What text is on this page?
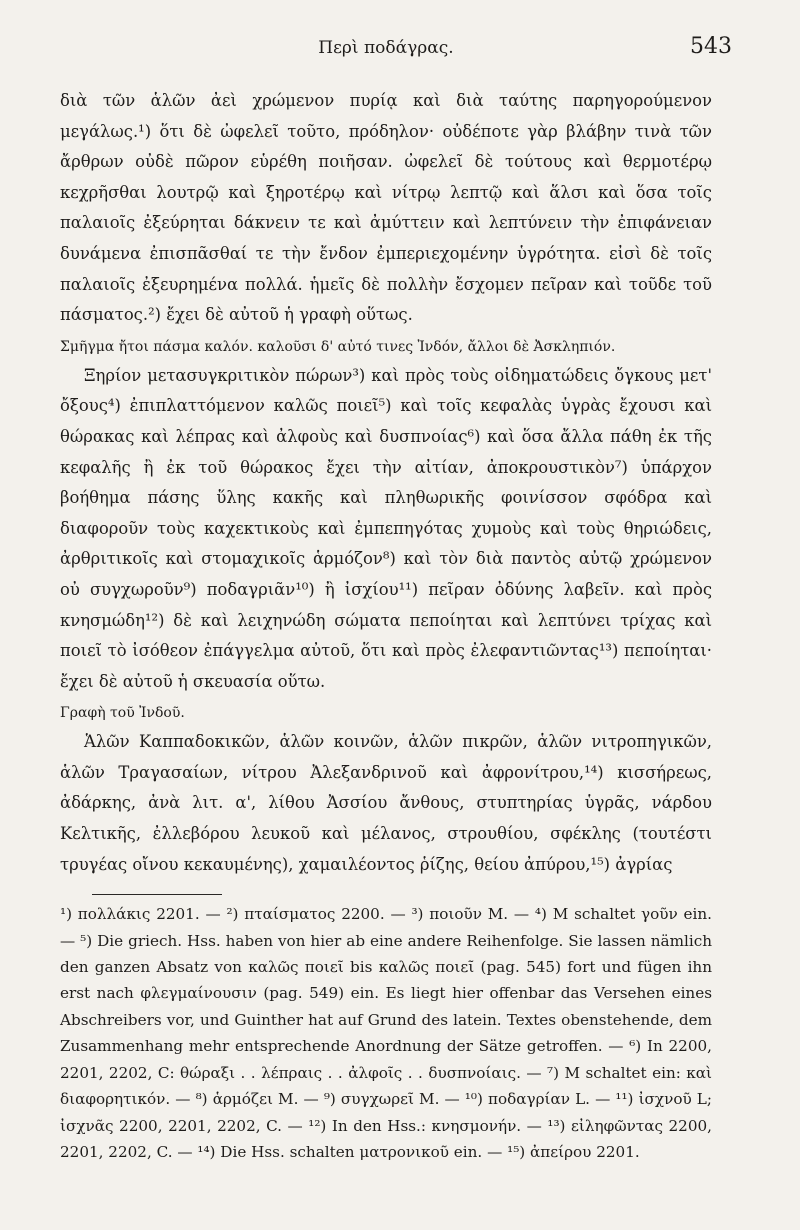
Περὶ ποδάγρας.	543

διὰ τῶν ἁλῶν ἀεὶ χρώμενον πυρίᾳ καὶ διὰ ταύτης παρηγορούμενον μεγάλως.¹) ὅτι δὲ ὠφελεῖ τοῦτο, πρόδηλον· οὐδέποτε γὰρ βλάβην τινὰ τῶν ἄρθρων οὐδὲ πῶρον εὑρέθη ποιῆσαν. ὠφελεῖ δὲ τούτους καὶ θερμοτέρῳ κεχρῆσθαι λουτρῷ καὶ ξηροτέρῳ καὶ νίτρῳ λεπτῷ καὶ ἅλσι καὶ ὅσα τοῖς παλαιοῖς ἐξεύρηται δάκνειν τε καὶ ἀμύττειν καὶ λεπτύνειν τὴν ἐπιφάνειαν δυνάμενα ἐπισπᾶσθαί τε τὴν ἔνδον ἐμπεριεχομένην ὑγρότητα. εἰσὶ δὲ τοῖς παλαιοῖς ἐξευρημένα πολλά. ἡμεῖς δὲ πολλὴν ἔσχομεν πεῖραν καὶ τοῦδε τοῦ πάσματος.²) ἔχει δὲ αὐτοῦ ἡ γραφὴ οὕτως.

Σμῆγμα ἤτοι πάσμα καλόν. καλοῦσι δ' αὐτό τινες Ἰνδόν, ἄλλοι δὲ Ἀσκληπιόν.

Ξηρίον μετασυγκριτικὸν πώρων³) καὶ πρὸς τοὺς οἰδηματώδεις ὄγκους μετ' ὄξους⁴) ἐπιπλαττόμενον καλῶς ποιεῖ⁵) καὶ τοῖς κεφαλὰς ὑγρὰς ἔχουσι καὶ θώρακας καὶ λέπρας καὶ ἀλφοὺς καὶ δυσπνοίας⁶) καὶ ὅσα ἄλλα πάθη ἐκ τῆς κεφαλῆς ἢ ἐκ τοῦ θώρακος ἔχει τὴν αἰτίαν, ἀποκρουστικὸν⁷) ὑπάρχον βοήθημα πάσης ὕλης κακῆς καὶ πληθωρικῆς φοινίσσον σφόδρα καὶ διαφοροῦν τοὺς καχεκτικοὺς καὶ ἐμπεπηγότας χυμοὺς καὶ τοὺς θηριώδεις, ἀρθριτικοῖς καὶ στομαχικοῖς ἁρμόζον⁸) καὶ τὸν διὰ παντὸς αὐτῷ χρώμενον οὐ συγχωροῦν⁹) ποδαγριᾶν¹⁰) ἢ ἰσχίου¹¹) πεῖραν ὀδύνης λαβεῖν. καὶ πρὸς κνησμώδη¹²) δὲ καὶ λειχηνώδη σώματα πεποίηται καὶ λεπτύνει τρίχας καὶ ποιεῖ τὸ ἰσόθεον ἐπάγγελμα αὐτοῦ, ὅτι καὶ πρὸς ἐλεφαντιῶντας¹³) πεποίηται· ἔχει δὲ αὐτοῦ ἡ σκευασία οὕτω.

Γραφὴ τοῦ Ἰνδοῦ.

Ἁλῶν Καππαδοκικῶν, ἁλῶν κοινῶν, ἁλῶν πικρῶν, ἁλῶν νιτροπηγικῶν, ἁλῶν Τραγασαίων, νίτρου Ἀλεξανδρινοῦ καὶ ἀφρονίτρου,¹⁴) κισσήρεως, ἀδάρκης, ἀνὰ λιτ. α', λίθου Ἀσσίου ἄνθους, στυπτηρίας ὑγρᾶς, νάρδου Κελτικῆς, ἐλλεβόρου λευκοῦ καὶ μέλανος, στρουθίου, σφέκλης (τουτέστι τρυγέας οἴνου κεκαυμένης), χαμαιλέοντος ῥίζης, θείου ἀπύρου,¹⁵) ἀγρίας

¹) πολλάκις 2201. — ²) πταίσματος 2200. — ³) ποιοῦν M. — ⁴) M schaltet γοῦν ein. — ⁵) Die griech. Hss. haben von hier ab eine andere Reihenfolge. Sie lassen nämlich den ganzen Absatz von καλῶς ποιεῖ bis καλῶς ποιεῖ (pag. 545) fort und fügen ihn erst nach φλεγμαίνουσιν (pag. 549) ein. Es liegt hier offenbar das Versehen eines Abschreibers vor, und Guinther hat auf Grund des latein. Textes obenstehende, dem Zusammenhang mehr entsprechende Anordnung der Sätze getroffen. — ⁶) In 2200, 2201, 2202, C: θώραξι . . λέπραις . . ἀλφοῖς . . δυσπνοίαις. — ⁷) M schaltet ein: καὶ διαφορητικόν. — ⁸) ἁρμόζει M. — ⁹) συγχωρεῖ M. — ¹⁰) ποδαγρίαν L. — ¹¹) ἰσχνοῦ L; ἰσχνᾶς 2200, 2201, 2202, C. — ¹²) In den Hss.: κνησμονήν. — ¹³) εἰληφῶντας 2200, 2201, 2202, C. — ¹⁴) Die Hss. schalten ματρονικοῦ ein. — ¹⁵) ἀπείρου 2201.
